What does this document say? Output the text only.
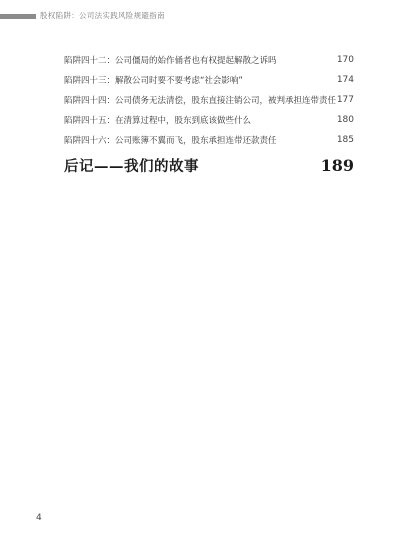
股权陷阱：公司法实践风险规避指南
陷阱四十二：公司僵局的始作俑者也有权提起解散之诉吗	170
陷阱四十三：解散公司时要不要考虑“社会影响”	174
陷阱四十四：公司债务无法清偿，股东直接注销公司，被判承担连带责任 177
陷阱四十五：在清算过程中，股东到底该做些什么	180
陷阱四十六：公司账簿不翼而飞，股东承担连带还款责任	185
后记——我们的故事	189
4
